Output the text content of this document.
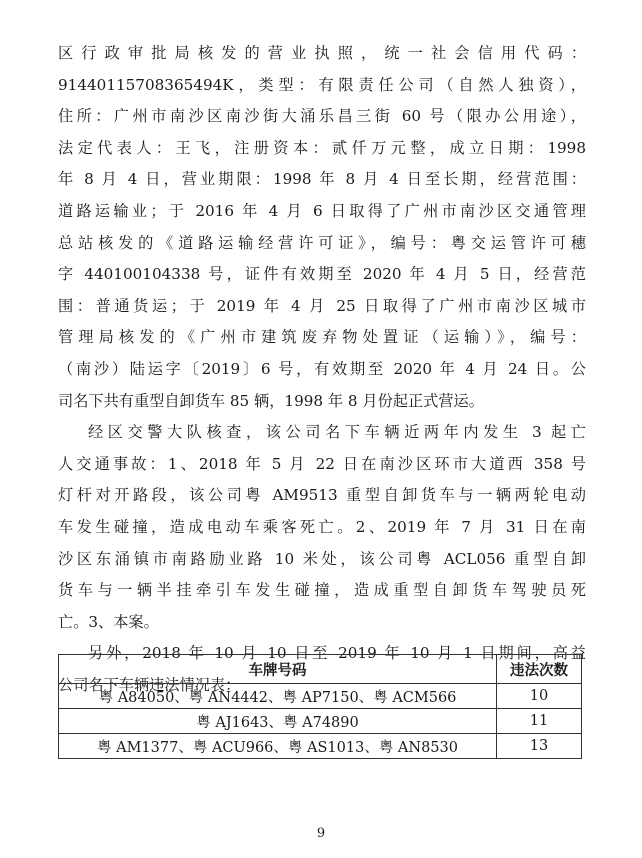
区行政审批局核发的营业执照，统一社会信用代码：
91440115708365494K，类型：有限责任公司（自然人独资），
住所：广州市南沙区南沙街大涌乐昌三街 60 号（限办公用途），
法定代表人：王飞，注册资本：贰仟万元整，成立日期：1998
年 8 月 4 日，营业期限：1998 年 8 月 4 日至长期，经营范围：
道路运输业；于 2016 年 4 月 6 日取得了广州市南沙区交通管理
总站核发的《道路运输经营许可证》，编号：粤交运管许可穗
字 440100104338 号，证件有效期至 2020 年 4 月 5 日，经营范
围：普通货运；于 2019 年 4 月 25 日取得了广州市南沙区城市
管理局核发的《广州市建筑废弃物处置证（运输）》，编号：
（南沙）陆运字〔2019〕6 号，有效期至 2020 年 4 月 24 日。公
司名下共有重型自卸货车 85 辆，1998 年 8 月份起正式营运。
经区交警大队核查，该公司名下车辆近两年内发生 3 起亡
人交通事故：1、2018 年 5 月 22 日在南沙区环市大道西 358 号
灯杆对开路段，该公司粤 AM9513 重型自卸货车与一辆两轮电动
车发生碰撞，造成电动车乘客死亡。2、2019 年 7 月 31 日在南
沙区东涌镇市南路励业路 10 米处，该公司粤 ACL056 重型自卸
货车与一辆半挂牵引车发生碰撞，造成重型自卸货车驾驶员死
亡。3、本案。
另外，2018 年 10 月 10 日至 2019 年 10 月 1 日期间，高益
公司名下车辆违法情况表：
车牌号码	违法次数
粤 A84050、粤 AN4442、粤 AP7150、粤 ACM566	10
粤 AJ1643、粤 A74890	11
粤 AM1377、粤 ACU966、粤 AS1013、粤 AN8530	13
9
